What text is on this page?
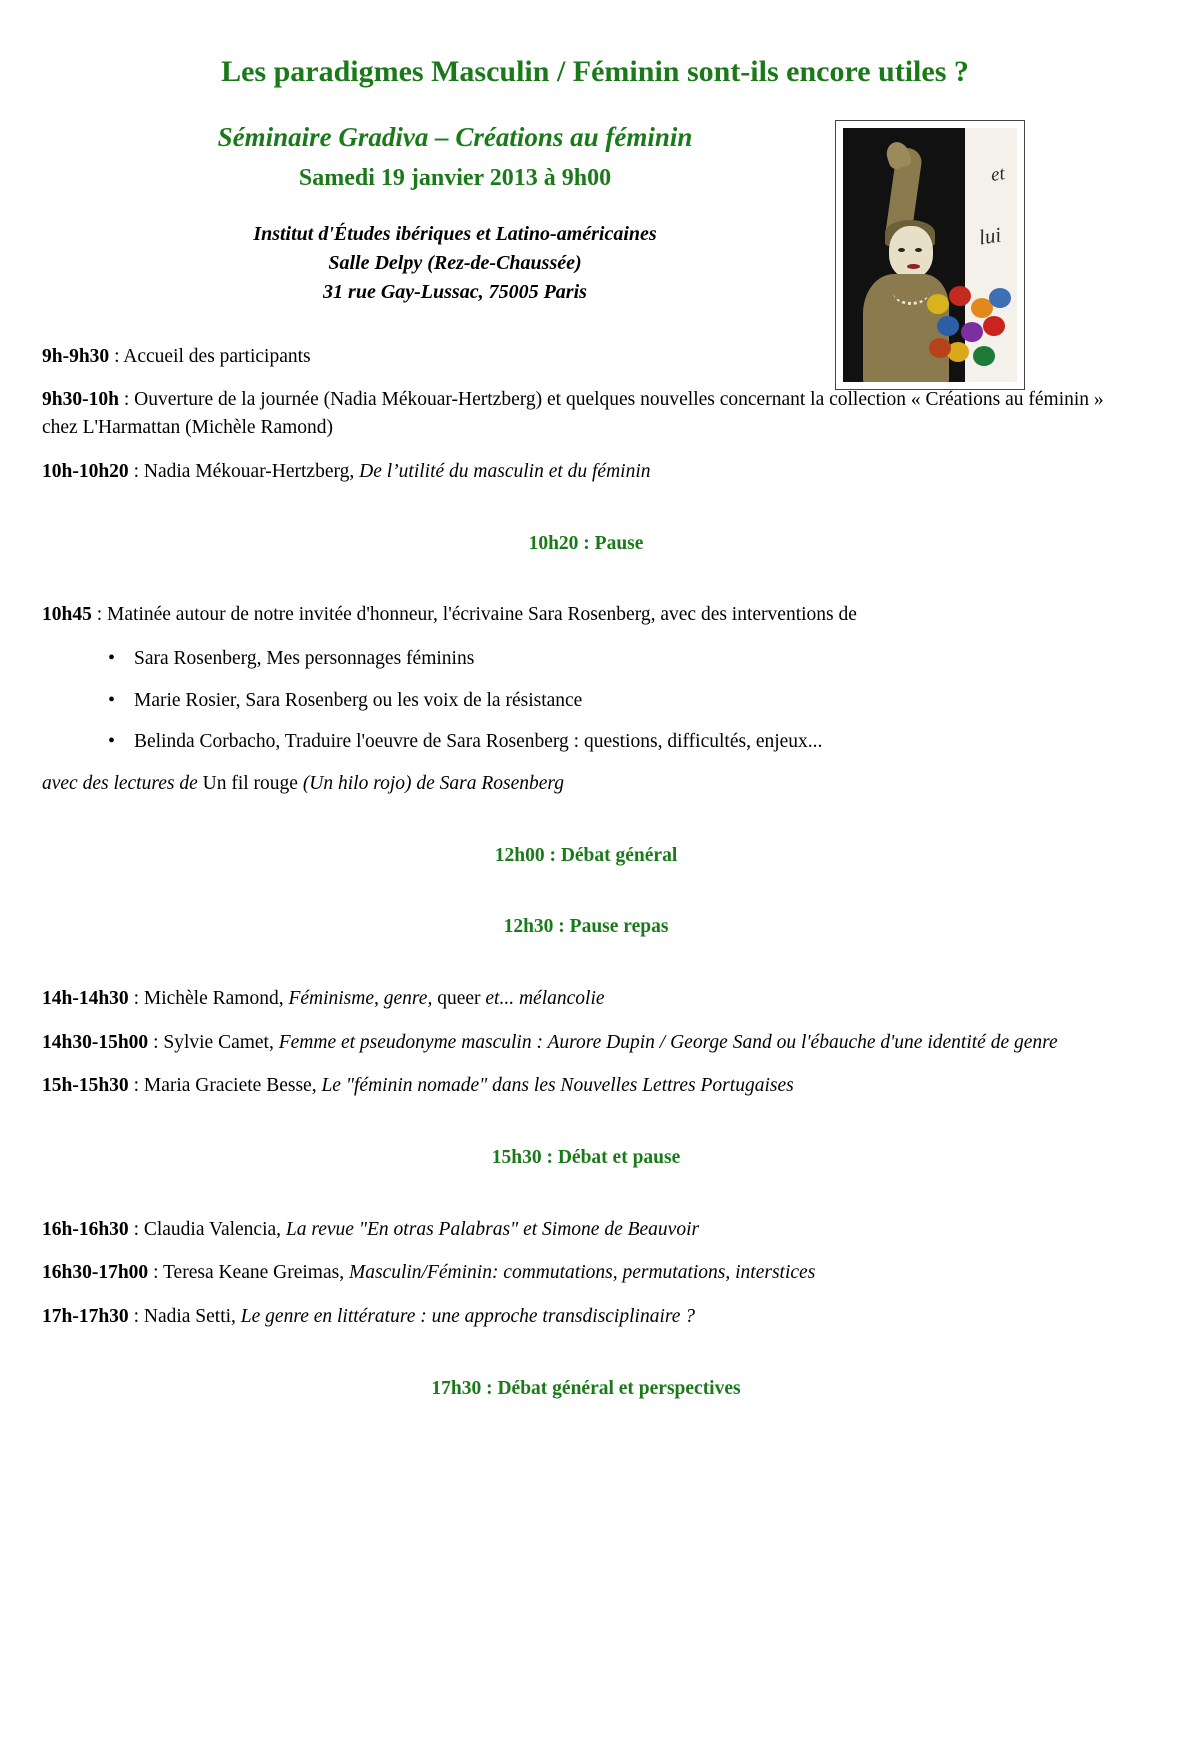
Les paradigmes Masculin / Féminin sont-ils encore utiles ?
et
lui
Séminaire Gradiva – Créations au féminin
Samedi 19 janvier 2013 à 9h00
Institut d'Études ibériques et Latino-américaines
Salle Delpy (Rez-de-Chaussée)
31 rue Gay-Lussac, 75005 Paris

9h-9h30 : Accueil des participants

9h30-10h : Ouverture de la journée (Nadia Mékouar-Hertzberg) et quelques nouvelles concernant la collection « Créations au féminin » chez L'Harmattan (Michèle Ramond)

10h-10h20 : Nadia Mékouar-Hertzberg, De l’utilité du masculin et du féminin

10h20 : Pause

10h45 : Matinée autour de notre invitée d'honneur, l'écrivaine Sara Rosenberg, avec des interventions de

• Sara Rosenberg, Mes personnages féminins
• Marie Rosier, Sara Rosenberg ou les voix de la résistance
• Belinda Corbacho, Traduire l'oeuvre de Sara Rosenberg : questions, difficultés, enjeux...

avec des lectures de Un fil rouge (Un hilo rojo) de Sara Rosenberg

12h00 : Débat général
12h30 : Pause repas

14h-14h30 : Michèle Ramond, Féminisme, genre, queer et... mélancolie

14h30-15h00 : Sylvie Camet, Femme et pseudonyme masculin : Aurore Dupin / George Sand ou l'ébauche d'une identité de genre

15h-15h30 : Maria Graciete Besse, Le "féminin nomade" dans les Nouvelles Lettres Portugaises

15h30 : Débat et pause

16h-16h30 : Claudia Valencia, La revue "En otras Palabras" et Simone de Beauvoir

16h30-17h00 : Teresa Keane Greimas, Masculin/Féminin: commutations, permutations, interstices

17h-17h30 : Nadia Setti, Le genre en littérature : une approche transdisciplinaire ?

17h30 : Débat général et perspectives
